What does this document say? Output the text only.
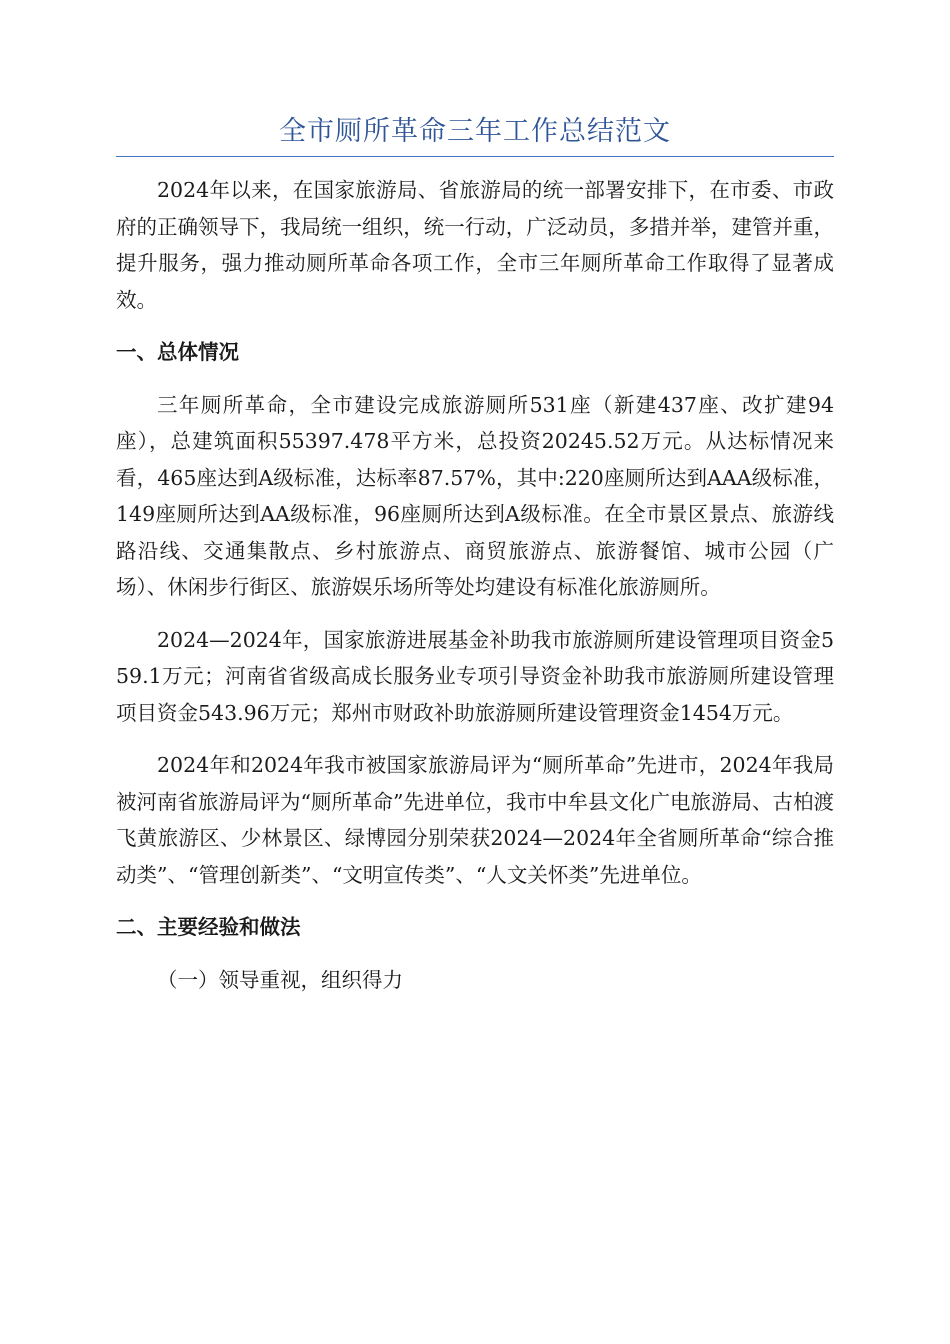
全市厕所革命三年工作总结范文

2024年以来，在国家旅游局、省旅游局的统一部署安排下，在市委、市政府的正确领导下，我局统一组织，统一行动，广泛动员，多措并举，建管并重，提升服务，强力推动厕所革命各项工作，全市三年厕所革命工作取得了显著成效。

一、总体情况

三年厕所革命，全市建设完成旅游厕所531座（新建437座、改扩建94座），总建筑面积55397.478平方米，总投资20245.52万元。从达标情况来看，465座达到A级标准，达标率87.57%，其中:220座厕所达到AAA级标准，149座厕所达到AA级标准，96座厕所达到A级标准。在全市景区景点、旅游线路沿线、交通集散点、乡村旅游点、商贸旅游点、旅游餐馆、城市公园（广场）、休闲步行街区、旅游娱乐场所等处均建设有标准化旅游厕所。

2024—2024年，国家旅游进展基金补助我市旅游厕所建设管理项目资金559.1万元；河南省省级高成长服务业专项引导资金补助我市旅游厕所建设管理项目资金543.96万元；郑州市财政补助旅游厕所建设管理资金1454万元。

2024年和2024年我市被国家旅游局评为“厕所革命”先进市，2024年我局被河南省旅游局评为“厕所革命”先进单位，我市中牟县文化广电旅游局、古柏渡飞黄旅游区、少林景区、绿博园分别荣获2024—2024年全省厕所革命“综合推动类”、“管理创新类”、“文明宣传类”、“人文关怀类”先进单位。

二、主要经验和做法

（一）领导重视，组织得力
